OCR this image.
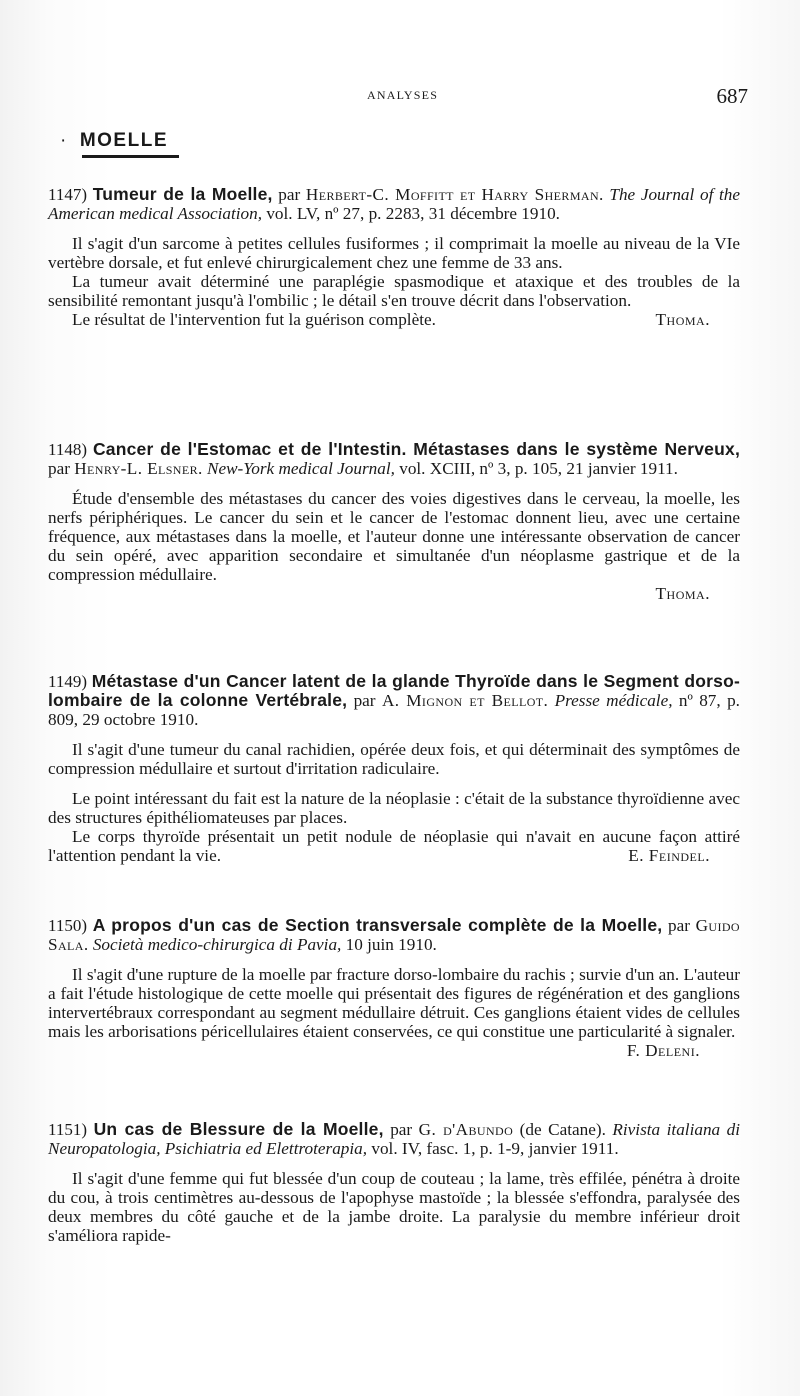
ANALYSES	687
· MOELLE

1147) Tumeur de la Moelle, par Herbert-C. Moffitt et Harry Sherman. The Journal of the American medical Association, vol. LV, nº 27, p. 2283, 31 décembre 1910.

Il s'agit d'un sarcome à petites cellules fusiformes ; il comprimait la moelle au niveau de la VIe vertèbre dorsale, et fut enlevé chirurgicalement chez une femme de 33 ans.

La tumeur avait déterminé une paraplégie spasmodique et ataxique et des troubles de la sensibilité remontant jusqu'à l'ombilic ; le détail s'en trouve décrit dans l'observation.

Le résultat de l'intervention fut la guérison complète.	Thoma.

1148) Cancer de l'Estomac et de l'Intestin. Métastases dans le système Nerveux, par Henry-L. Elsner. New-York medical Journal, vol. XCIII, nº 3, p. 105, 21 janvier 1911.

Étude d'ensemble des métastases du cancer des voies digestives dans le cerveau, la moelle, les nerfs périphériques. Le cancer du sein et le cancer de l'estomac donnent lieu, avec une certaine fréquence, aux métastases dans la moelle, et l'auteur donne une intéressante observation de cancer du sein opéré, avec apparition secondaire et simultanée d'un néoplasme gastrique et de la compression médullaire.

Thoma.

1149) Métastase d'un Cancer latent de la glande Thyroïde dans le Segment dorso-lombaire de la colonne Vertébrale, par A. Mignon et Bellot. Presse médicale, nº 87, p. 809, 29 octobre 1910.

Il s'agit d'une tumeur du canal rachidien, opérée deux fois, et qui déterminait des symptômes de compression médullaire et surtout d'irritation radiculaire.

Le point intéressant du fait est la nature de la néoplasie : c'était de la substance thyroïdienne avec des structures épithéliomateuses par places.

Le corps thyroïde présentait un petit nodule de néoplasie qui n'avait en aucune façon attiré l'attention pendant la vie.	E. Feindel.

1150) A propos d'un cas de Section transversale complète de la Moelle, par Guido Sala. Società medico-chirurgica di Pavia, 10 juin 1910.

Il s'agit d'une rupture de la moelle par fracture dorso-lombaire du rachis ; survie d'un an. L'auteur a fait l'étude histologique de cette moelle qui présentait des figures de régénération et des ganglions intervertébraux correspondant au segment médullaire détruit. Ces ganglions étaient vides de cellules mais les arborisations péricellulaires étaient conservées, ce qui constitue une particularité à signaler.
F. Deleni.

1151) Un cas de Blessure de la Moelle, par G. d'Abundo (de Catane). Rivista italiana di Neuropatologia, Psichiatria ed Elettroterapia, vol. IV, fasc. 1, p. 1-9, janvier 1911.

Il s'agit d'une femme qui fut blessée d'un coup de couteau ; la lame, très effilée, pénétra à droite du cou, à trois centimètres au-dessous de l'apophyse mastoïde ; la blessée s'effondra, paralysée des deux membres du côté gauche et de la jambe droite. La paralysie du membre inférieur droit s'améliora rapide-
